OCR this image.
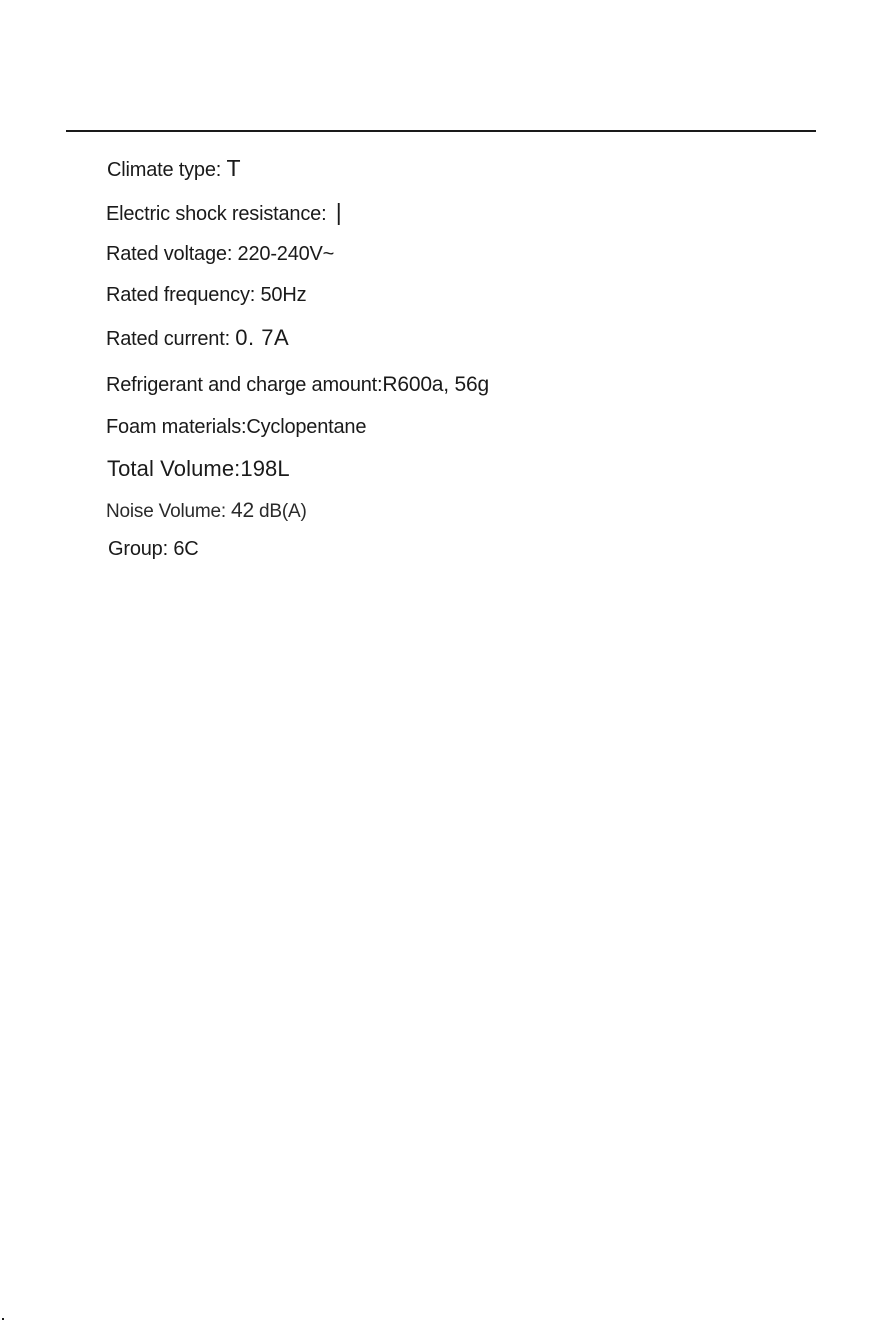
Climate type: T
Electric shock resistance: |
Rated voltage: 220-240V~
Rated frequency: 50Hz
Rated current: 0. 7A
Refrigerant and charge amount:R600a, 56g
Foam materials:Cyclopentane
Total Volume:198L
Noise Volume: 42 dB(A)
Group: 6C
